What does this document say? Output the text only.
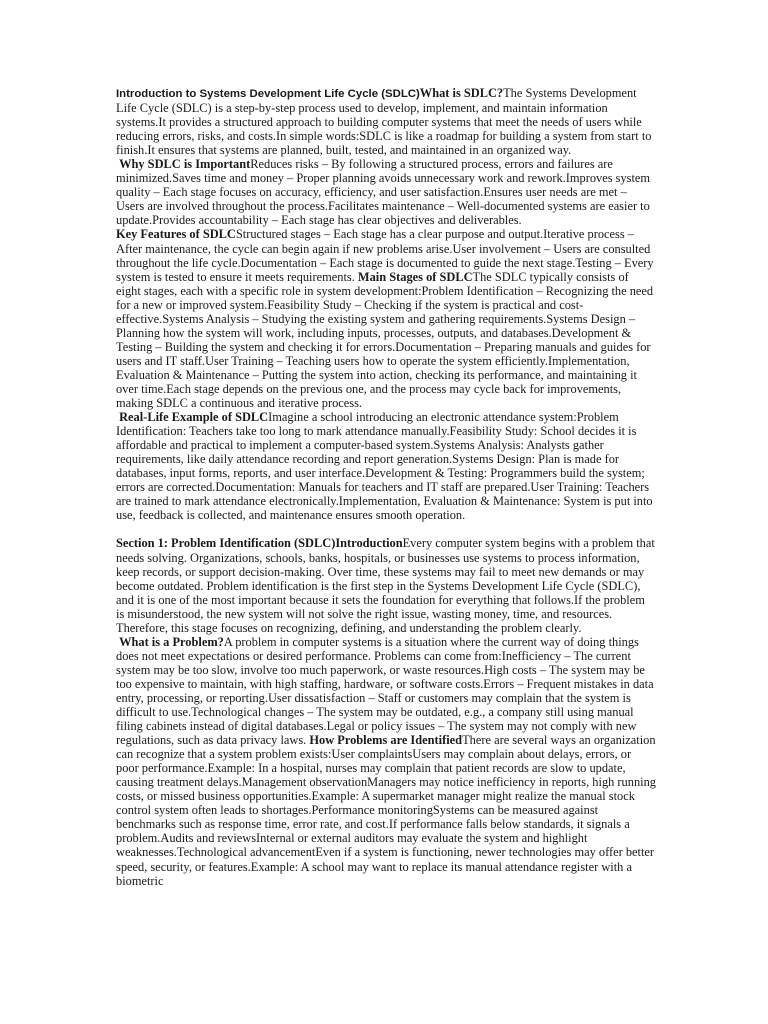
Introduction to Systems Development Life Cycle (SDLC)What is SDLC?The Systems Development Life Cycle (SDLC) is a step-by-step process used to develop, implement, and maintain information systems.It provides a structured approach to building computer systems that meet the needs of users while reducing errors, risks, and costs.In simple words:SDLC is like a roadmap for building a system from start to finish.It ensures that systems are planned, built, tested, and maintained in an organized way.

Why SDLC is ImportantReduces risks – By following a structured process, errors and failures are minimized.Saves time and money – Proper planning avoids unnecessary work and rework.Improves system quality – Each stage focuses on accuracy, efficiency, and user satisfaction.Ensures user needs are met – Users are involved throughout the process.Facilitates maintenance – Well-documented systems are easier to update.Provides accountability – Each stage has clear objectives and deliverables.

Key Features of SDLCStructured stages – Each stage has a clear purpose and output.Iterative process – After maintenance, the cycle can begin again if new problems arise.User involvement – Users are consulted throughout the life cycle.Documentation – Each stage is documented to guide the next stage.Testing – Every system is tested to ensure it meets requirements. Main Stages of SDLCThe SDLC typically consists of eight stages, each with a specific role in system development:Problem Identification – Recognizing the need for a new or improved system.Feasibility Study – Checking if the system is practical and cost-effective.Systems Analysis – Studying the existing system and gathering requirements.Systems Design – Planning how the system will work, including inputs, processes, outputs, and databases.Development & Testing – Building the system and checking it for errors.Documentation – Preparing manuals and guides for users and IT staff.User Training – Teaching users how to operate the system efficiently.Implementation, Evaluation & Maintenance – Putting the system into action, checking its performance, and maintaining it over time.Each stage depends on the previous one, and the process may cycle back for improvements, making SDLC a continuous and iterative process.

Real-Life Example of SDLCImagine a school introducing an electronic attendance system:Problem Identification: Teachers take too long to mark attendance manually.Feasibility Study: School decides it is affordable and practical to implement a computer-based system.Systems Analysis: Analysts gather requirements, like daily attendance recording and report generation.Systems Design: Plan is made for databases, input forms, reports, and user interface.Development & Testing: Programmers build the system; errors are corrected.Documentation: Manuals for teachers and IT staff are prepared.User Training: Teachers are trained to mark attendance electronically.Implementation, Evaluation & Maintenance: System is put into use, feedback is collected, and maintenance ensures smooth operation.

Section 1: Problem Identification (SDLC)IntroductionEvery computer system begins with a problem that needs solving. Organizations, schools, banks, hospitals, or businesses use systems to process information, keep records, or support decision-making. Over time, these systems may fail to meet new demands or may become outdated. Problem identification is the first step in the Systems Development Life Cycle (SDLC), and it is one of the most important because it sets the foundation for everything that follows.If the problem is misunderstood, the new system will not solve the right issue, wasting money, time, and resources. Therefore, this stage focuses on recognizing, defining, and understanding the problem clearly.

What is a Problem?A problem in computer systems is a situation where the current way of doing things does not meet expectations or desired performance. Problems can come from:Inefficiency – The current system may be too slow, involve too much paperwork, or waste resources.High costs – The system may be too expensive to maintain, with high staffing, hardware, or software costs.Errors – Frequent mistakes in data entry, processing, or reporting.User dissatisfaction – Staff or customers may complain that the system is difficult to use.Technological changes – The system may be outdated, e.g., a company still using manual filing cabinets instead of digital databases.Legal or policy issues – The system may not comply with new regulations, such as data privacy laws. How Problems are IdentifiedThere are several ways an organization can recognize that a system problem exists:User complaintsUsers may complain about delays, errors, or poor performance.Example: In a hospital, nurses may complain that patient records are slow to update, causing treatment delays.Management observationManagers may notice inefficiency in reports, high running costs, or missed business opportunities.Example: A supermarket manager might realize the manual stock control system often leads to shortages.Performance monitoringSystems can be measured against benchmarks such as response time, error rate, and cost.If performance falls below standards, it signals a problem.Audits and reviewsInternal or external auditors may evaluate the system and highlight weaknesses.Technological advancementEven if a system is functioning, newer technologies may offer better speed, security, or features.Example: A school may want to replace its manual attendance register with a biometric
